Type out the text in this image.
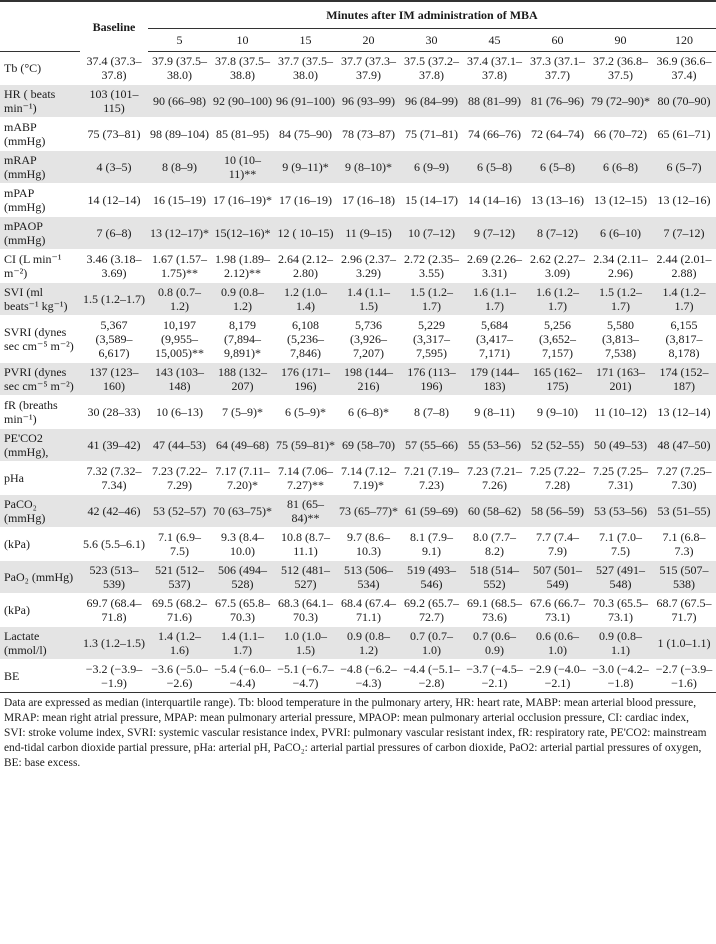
	Baseline	Minutes after IM administration of MBA								
		5	10	15	20	30	45	60	90	120
Tb (°C)	37.4 (37.3–37.8)	37.9 (37.5–38.0)	37.8 (37.5–38.8)	37.7 (37.5–38.0)	37.7 (37.3–37.9)	37.5 (37.2–37.8)	37.4 (37.1–37.8)	37.3 (37.1–37.7)	37.2 (36.8–37.5)	36.9 (36.6–37.4)
HR ( beats min⁻¹)	103 (101–115)	90 (66–98)	92 (90–100)	96 (91–100)	96 (93–99)	96 (84–99)	88 (81–99)	81 (76–96)	79 (72–90)*	80 (70–90)
mABP (mmHg)	75 (73–81)	98 (89–104)	85 (81–95)	84 (75–90)	78 (73–87)	75 (71–81)	74 (66–76)	72 (64–74)	66 (70–72)	65 (61–71)
mRAP (mmHg)	4 (3–5)	8 (8–9)	10 (10–11)**	9 (9–11)*	9 (8–10)*	6 (9–9)	6 (5–8)	6 (5–8)	6 (6–8)	6 (5–7)
mPAP (mmHg)	14 (12–14)	16 (15–19)	17 (16–19)*	17 (16–19)	17 (16–18)	15 (14–17)	14 (14–16)	13 (13–16)	13 (12–15)	13 (12–16)
mPAOP (mmHg)	7 (6–8)	13 (12–17)*	15(12–16)*	12 ( 10–15)	11 (9–15)	10 (7–12)	9 (7–12)	8 (7–12)	6 (6–10)	7 (7–12)
CI (L min⁻¹ m⁻²)	3.46 (3.18–3.69)	1.67 (1.57–1.75)**	1.98 (1.89–2.12)**	2.64 (2.12–2.80)	2.96 (2.37–3.29)	2.72 (2.35–3.55)	2.69 (2.26–3.31)	2.62 (2.27–3.09)	2.34 (2.11–2.96)	2.44 (2.01–2.88)
SVI (ml beats⁻¹ kg⁻¹)	1.5 (1.2–1.7)	0.8 (0.7–1.2)	0.9 (0.8–1.2)	1.2 (1.0–1.4)	1.4 (1.1–1.5)	1.5 (1.2–1.7)	1.6 (1.1–1.7)	1.6 (1.2–1.7)	1.5 (1.2–1.7)	1.4 (1.2–1.7)
SVRI (dynes sec cm⁻⁵ m⁻²)	5,367 (3,589–6,617)	10,197 (9,955–15,005)**	8,179 (7,894–9,891)*	6,108 (5,236–7,846)	5,736 (3,926–7,207)	5,229 (3,317–7,595)	5,684 (3,417–7,171)	5,256 (3,652–7,157)	5,580 (3,813–7,538)	6,155 (3,817–8,178)
PVRI (dynes sec cm⁻⁵ m⁻²)	137 (123–160)	143 (103–148)	188 (132–207)	176 (171–196)	198 (144–216)	176 (113–196)	179 (144–183)	165 (162–175)	171 (163–201)	174 (152–187)
fR (breaths min⁻¹)	30 (28–33)	10 (6–13)	7 (5–9)*	6 (5–9)*	6 (6–8)*	8 (7–8)	9 (8–11)	9 (9–10)	11 (10–12)	13 (12–14)
PE'CO2 (mmHg),	41 (39–42)	47 (44–53)	64 (49–68)	75 (59–81)*	69 (58–70)	57 (55–66)	55 (53–56)	52 (52–55)	50 (49–53)	48 (47–50)
pHa	7.32 (7.32–7.34)	7.23 (7.22–7.29)	7.17 (7.11–7.20)*	7.14 (7.06–7.27)**	7.14 (7.12–7.19)*	7.21 (7.19–7.23)	7.23 (7.21–7.26)	7.25 (7.22–7.28)	7.25 (7.25–7.31)	7.27 (7.25–7.30)
PaCO₂ (mmHg)	42 (42–46)	53 (52–57)	70 (63–75)*	81 (65–84)**	73 (65–77)*	61 (59–69)	60 (58–62)	58 (56–59)	53 (53–56)	53 (51–55)
(kPa)	5.6 (5.5–6.1)	7.1 (6.9–7.5)	9.3 (8.4–10.0)	10.8 (8.7–11.1)	9.7 (8.6–10.3)	8.1 (7.9–9.1)	8.0 (7.7–8.2)	7.7 (7.4–7.9)	7.1 (7.0–7.5)	7.1 (6.8–7.3)
PaO₂ (mmHg)	523 (513–539)	521 (512–537)	506 (494–528)	512 (481–527)	513 (506–534)	519 (493–546)	518 (514–552)	507 (501–549)	527 (491–548)	515 (507–538)
(kPa)	69.7 (68.4–71.8)	69.5 (68.2–71.6)	67.5 (65.8–70.3)	68.3 (64.1–70.3)	68.4 (67.4–71.1)	69.2 (65.7–72.7)	69.1 (68.5–73.6)	67.6 (66.7–73.1)	70.3 (65.5–73.1)	68.7 (67.5–71.7)
Lactate (mmol/l)	1.3 (1.2–1.5)	1.4 (1.2–1.6)	1.4 (1.1–1.7)	1.0 (1.0–1.5)	0.9 (0.8–1.2)	0.7 (0.7–1.0)	0.7 (0.6–0.9)	0.6 (0.6–1.0)	0.9 (0.8–1.1)	1 (1.0–1.1)
BE	−3.2 (−3.9–−1.9)	−3.6 (−5.0–−2.6)	−5.4 (−6.0–−4.4)	−5.1 (−6.7–−4.7)	−4.8 (−6.2–−4.3)	−4.4 (−5.1–−2.8)	−3.7 (−4.5–−2.1)	−2.9 (−4.0–−2.1)	−3.0 (−4.2–−1.8)	−2.7 (−3.9–−1.6)
Data are expressed as median (interquartile range). Tb: blood temperature in the pulmonary artery, HR: heart rate, MABP: mean arterial blood pressure, MRAP: mean right atrial pressure, MPAP: mean pulmonary arterial pressure, MPAOP: mean pulmonary arterial occlusion pressure, CI: cardiac index, SVI: stroke volume index, SVRI: systemic vascular resistance index, PVRI: pulmonary vascular resistant index, fR: respiratory rate, PE'CO2: mainstream end-tidal carbon dioxide partial pressure, pHa: arterial pH, PaCO₂: arterial partial pressures of carbon dioxide, PaO2: arterial partial pressures of oxygen, BE: base excess.
